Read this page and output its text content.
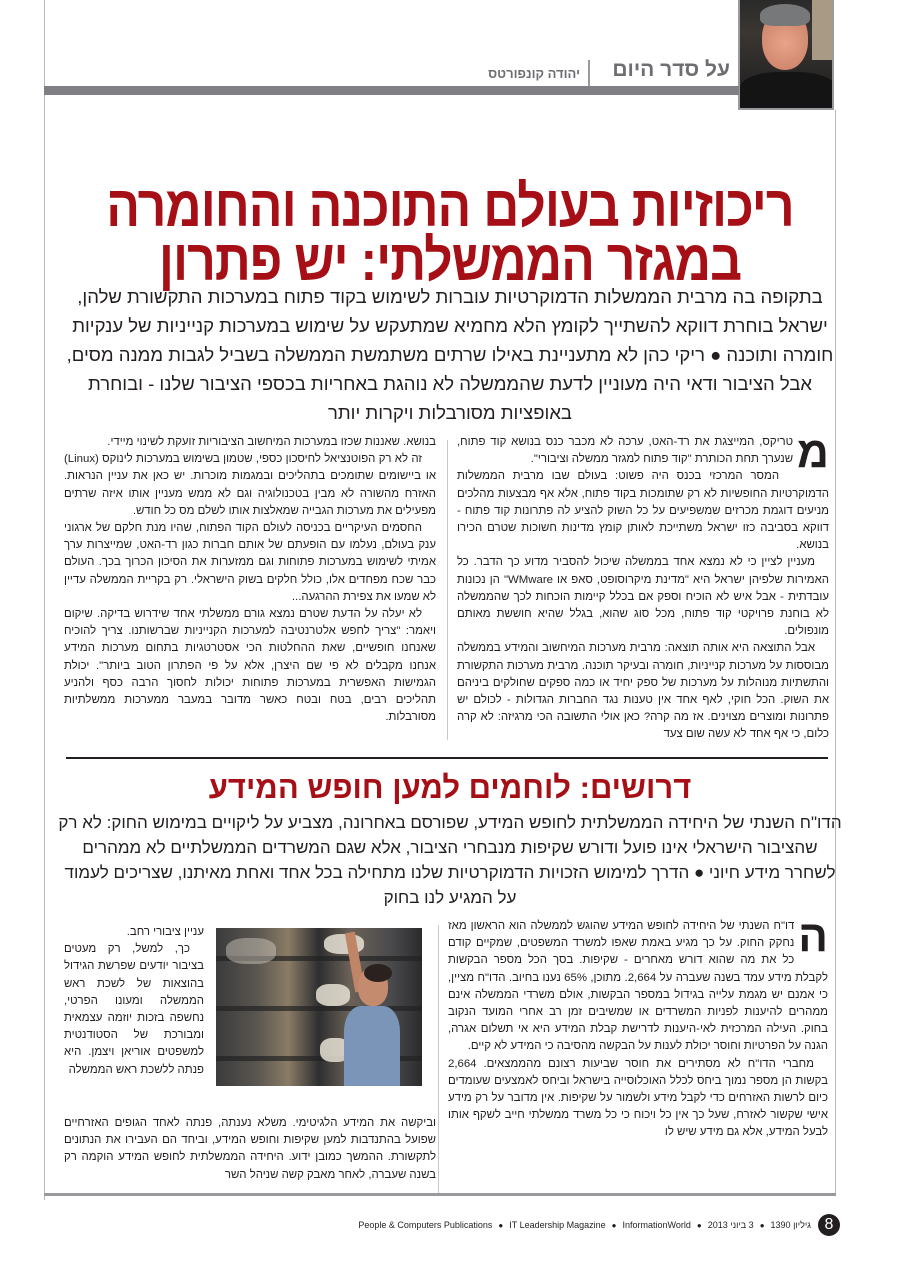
על סדר היום
יהודה קונפורטס
ריכוזיות בעולם התוכנה והחומרה במגזר הממשלתי: יש פתרון
בתקופה בה מרבית הממשלות הדמוקרטיות עוברות לשימוש בקוד פתוח במערכות התקשורת שלהן, ישראל בוחרת דווקא להשתייך לקומץ הלא מחמיא שמתעקש על שימוש במערכות קנייניות של ענקיות חומרה ותוכנה ● ריקי כהן לא מתעניינת באילו שרתים משתמשת הממשלה בשביל לגבות ממנה מסים, אבל הציבור ודאי היה מעוניין לדעת שהממשלה לא נוהגת באחריות בכספי הציבור שלנו - ובוחרת באופציות מסורבלות ויקרות יותר

מ
טריקס, המייצגת את רד-האט, ערכה לא מכבר כנס בנושא קוד פתוח, שנערך תחת הכותרת "קוד פתוח למגזר ממשלה וציבורי".

המסר המרכזי בכנס היה פשוט: בעולם שבו מרבית הממשלות הדמוקרטיות החופשיות לא רק שתומכות בקוד פתוח, אלא אף מבצעות מהלכים מניעים דוגמת מכרזים שמשפיעים על כל השוק להציע לה פתרונות קוד פתוח - דווקא בסביבה כזו ישראל משתייכת לאותן קומץ מדינות חשוכות שטרם הכירו בנושא.

מעניין לציין כי לא נמצא אחד בממשלה שיכול להסביר מדוע כך הדבר. כל האמירות שלפיהן ישראל היא "מדינת מיקרוסופט, סאפ או WMware" הן נכונות עובדתית - אבל איש לא הוכיח וספק אם בכלל קיימות הוכחות לכך שהממשלה לא בוחנת פרויקטי קוד פתוח, מכל סוג שהוא, בגלל שהיא חוששת מאותם מונפולים.

אבל התוצאה היא אותה תוצאה: מרבית מערכות המיחשוב והמידע בממשלה מבוססות על מערכות קנייניות, חומרה ובעיקר תוכנה. מרבית מערכות התקשורת והתשתיות מנוהלות על מערכות של ספק יחיד או כמה ספקים שחולקים ביניהם את השוק. הכל חוקי, לאף אחד אין טענות נגד החברות הגדולות - לכולם יש פתרונות ומוצרים מצוינים. אז מה קרה? כאן אולי התשובה הכי מרגיזה: לא קרה כלום, כי אף אחד לא עשה שום צעד

בנושא. שאננות שכזו במערכות המיחשוב הציבוריות זועקת לשינוי מיידי.

זה לא רק הפוטנציאל לחיסכון כספי, שטמון בשימוש במערכות לינוקס (Linux) או ביישומים שתומכים בתהליכים ובמגמות מוכרות. יש כאן את עניין הנראות. האזרח מהשורה לא מבין בטכנולוגיה וגם לא ממש מעניין אותו איזה שרתים מפעילים את מערכות הגבייה שמאלצות אותו לשלם מס כל חודש.

החסמים העיקריים בכניסה לעולם הקוד הפתוח, שהיו מנת חלקם של ארגוני ענק בעולם, נעלמו עם הופעתם של אותם חברות כגון רד-האט, שמייצרות ערך אמיתי לשימוש במערכות פתוחות וגם ממזערות את הסיכון הכרוך בכך. העולם כבר שכח מפחדים אלו, כולל חלקים בשוק הישראלי. רק בקריית הממשלה עדיין לא שמעו את צפירת ההרגעה...

לא יעלה על הדעת שטרם נמצא גורם ממשלתי אחד שידרוש בדיקה. שיקום ויאמר: "צריך לחפש אלטרנטיבה למערכות הקנייניות שברשותנו. צריך להוכיח שאנחנו חופשיים, שאת ההחלטות הכי אסטרטגיות בתחום מערכות המידע אנחנו מקבלים לא פי שם היצרן, אלא על פי הפתרון הטוב ביותר". יכולת הגמישות האפשרית במערכות פתוחות יכולות לחסוך הרבה כסף ולהניע תהליכים רבים, בטח ובטח כאשר מדובר במעבר ממערכות ממשלתיות מסורבלות.

דרושים: לוחמים למען חופש המידע
הדו"ח השנתי של היחידה הממשלתית לחופש המידע, שפורסם באחרונה, מצביע על ליקויים במימוש החוק: לא רק שהציבור הישראלי אינו פועל ודורש שקיפות מנבחרי הציבור, אלא שגם המשרדים הממשלתיים לא ממהרים לשחרר מידע חיוני ● הדרך למימוש הזכויות הדמוקרטיות שלנו מתחילה בכל אחד ואחת מאיתנו, שצריכים לעמוד על המגיע לנו בחוק

ה
דו"ח השנתי של היחידה לחופש המידע שהוגש לממשלה הוא הראשון מאז נחקק החוק. על כך מגיע באמת שאפו למשרד המשפטים, שמקיים קודם כל את מה שהוא דורש מאחרים - שקיפות. בסך הכל מספר הבקשות לקבלת מידע עמד בשנה שעברה על 2,664. מתוכן, 65% נענו בחיוב. הדו"ח מציין, כי אמנם יש מגמת עלייה בגידול במספר הבקשות, אולם משרדי הממשלה אינם ממהרים להיענות לפניות המשרדים או שמשיבים זמן רב אחרי המועד הנקוב בחוק. העילה המרכזית לאי-היענות לדרישת קבלת המידע היא אי תשלום אגרה, הגנה על הפרטיות וחוסר יכולת לענות על הבקשה מהסיבה כי המידע לא קיים.

מחברי הדו"ח לא מסתירים את חוסר שביעות רצונם מהממצאים. 2,664 בקשות הן מספר נמוך ביחס לכלל האוכלוסייה בישראל וביחס לאמצעים שעומדים כיום לרשות האזרחים כדי לקבל מידע ולשמור על שקיפות. אין מדובר על רק מידע אישי שקשור לאזרח, שעל כך אין כל ויכוח כי כל משרד ממשלתי חייב לשקף אותו לבעל המידע, אלא גם מידע שיש לו

עניין ציבורי רחב.

כך, למשל, רק מעטים בציבור יודעים שפרשת הגידול בהוצאות של לשכת ראש הממשלה ומעונו הפרטי, נחשפה בזכות יוזמה עצמאית ומבורכת של הסטודנטית למשפטים אוריאן ויצמן. היא פנתה ללשכת ראש הממשלה

וביקשה את המידע הלגיטימי. משלא נענתה, פנתה לאחד הגופים האזרחיים שפועל בהתנדבות למען שקיפות וחופש המידע, וביחד הם העבירו את הנתונים לתקשורת. ההמשך כמובן ידוע. היחידה הממשלתית לחופש המידע הוקמה רק בשנה שעברה, לאחר מאבק קשה שניהל השר

People & Computers Publications ● IT Leadership Magazine ● InformationWorld ● 3 ביוני 2013 ● גיליון 1390 8
